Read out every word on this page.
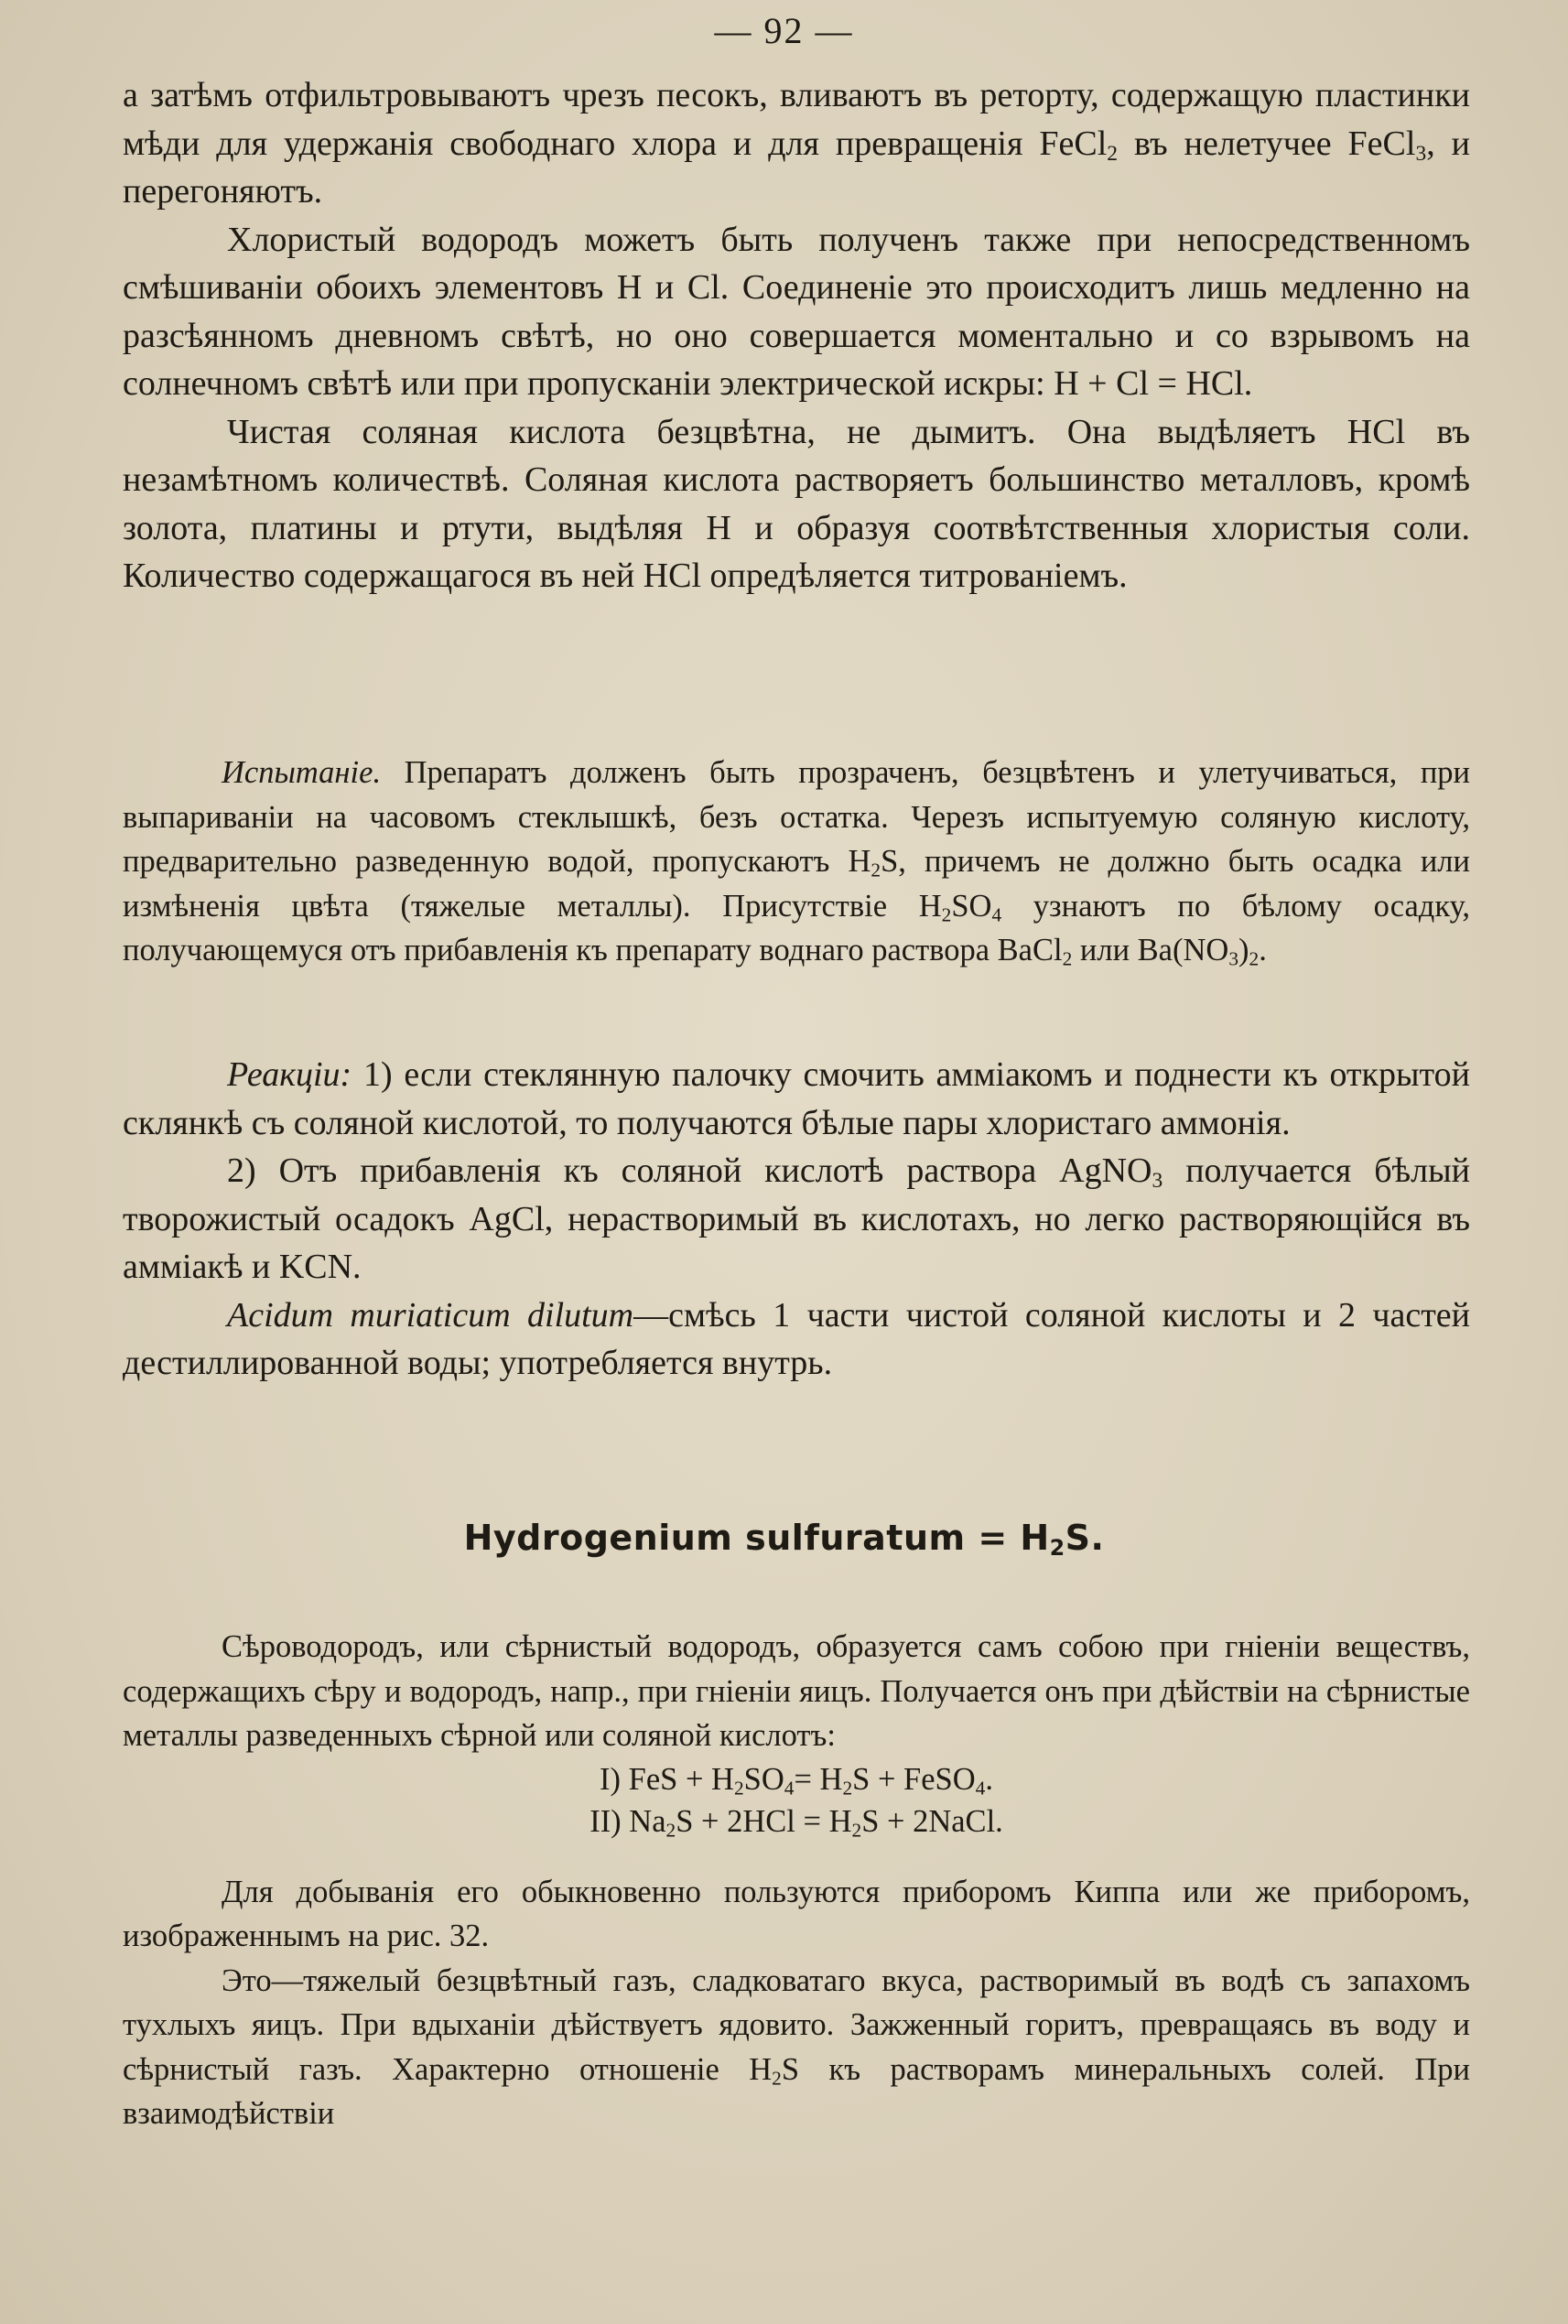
— 92 —

а затѣмъ отфильтровываютъ чрезъ песокъ, вливаютъ въ реторту, содержащую пластинки мѣди для удержанія свободнаго хлора и для превращенія FeCl$_2$ въ нелетучее FeCl$_3$, и перегоняютъ.

Хлористый водородъ можетъ быть полученъ также при непосредственномъ смѣшиваніи обоихъ элементовъ H и Cl. Соединеніе это происходитъ лишь медленно на разсѣянномъ дневномъ свѣтѣ, но оно совершается моментально и со взрывомъ на солнечномъ свѣтѣ или при пропусканіи электрической искры: H + Cl = HCl.

Чистая соляная кислота безцвѣтна, не дымитъ. Она выдѣляетъ HCl въ незамѣтномъ количествѣ. Соляная кислота растворяетъ большинство металловъ, кромѣ золота, платины и ртути, выдѣляя H и образуя соотвѣтственныя хлористыя соли. Количество содержащагося въ ней HCl опредѣляется титрованіемъ.

Испытаніе. Препаратъ долженъ быть прозраченъ, безцвѣтенъ и улетучиваться, при выпариваніи на часовомъ стеклышкѣ, безъ остатка. Черезъ испытуемую соляную кислоту, предварительно разведенную водой, пропускаютъ $H_2S$, причемъ не должно быть осадка или измѣненія цвѣта (тяжелые металлы). Присутствіе $H_2SO_4$ узнаютъ по бѣлому осадку, получающемуся отъ прибавленія къ препарату воднаго раствора BaCl$_2$ или $Ba(NO_3)_2$.

Реакціи: 1) если стеклянную палочку смочить аммiакомъ и поднести къ открытой склянкѣ съ соляной кислотой, то получаются бѣлые пары хлористаго аммонія.

2) Отъ прибавленія къ соляной кислотѣ раствора AgNO$_3$ получается бѣлый творожистый осадокъ AgCl, нерастворимый въ кислотахъ, но легко растворяющійся въ амміакѣ и KCN.

Acidum muriaticum dilutum—смѣсь 1 части чистой соляной кислоты и 2 частей дестиллированной воды; употребляется внутрь.

Hydrogenium sulfuratum = $H_2S$.

Сѣроводородъ, или сѣрнистый водородъ, образуется самъ собою при гніеніи веществъ, содержащихъ сѣру и водородъ, напр., при гніеніи яицъ. Получается онъ при дѣйствіи на сѣрнистые металлы разведенныхъ сѣрной или соляной кислотъ:

I) FeS + $H_2SO_4= H_2S$ + FeSO$_4$.

II) $Na_2S + 2HCl = H_2S$ + 2NaCl.

Для добыванія его обыкновенно пользуются приборомъ Киппа или же приборомъ, изображеннымъ на рис. 32.

Это—тяжелый безцвѣтный газъ, сладковатаго вкуса, растворимый въ водѣ съ запахомъ тухлыхъ яицъ. При вдыханіи дѣйствуетъ ядовито. Зажженный горитъ, превращаясь въ воду и сѣрнистый газъ. Характерно отношеніе $H_2S$ къ растворамъ минеральныхъ солей. При взаимодѣйствіи
